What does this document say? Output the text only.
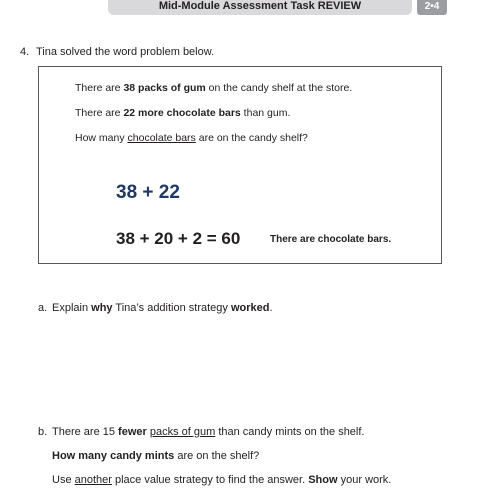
Mid-Module Assessment Task REVIEW	2•4
4. Tina solved the word problem below.
There are 38 packs of gum on the candy shelf at the store.
There are 22 more chocolate bars than gum.
How many chocolate bars are on the candy shelf?
38 + 22
38 + 20 + 2 = 60	There are chocolate bars.
a. Explain why Tina’s addition strategy worked.
b. There are 15 fewer packs of gum than candy mints on the shelf.
How many candy mints are on the shelf?
Use another place value strategy to find the answer. Show your work.
